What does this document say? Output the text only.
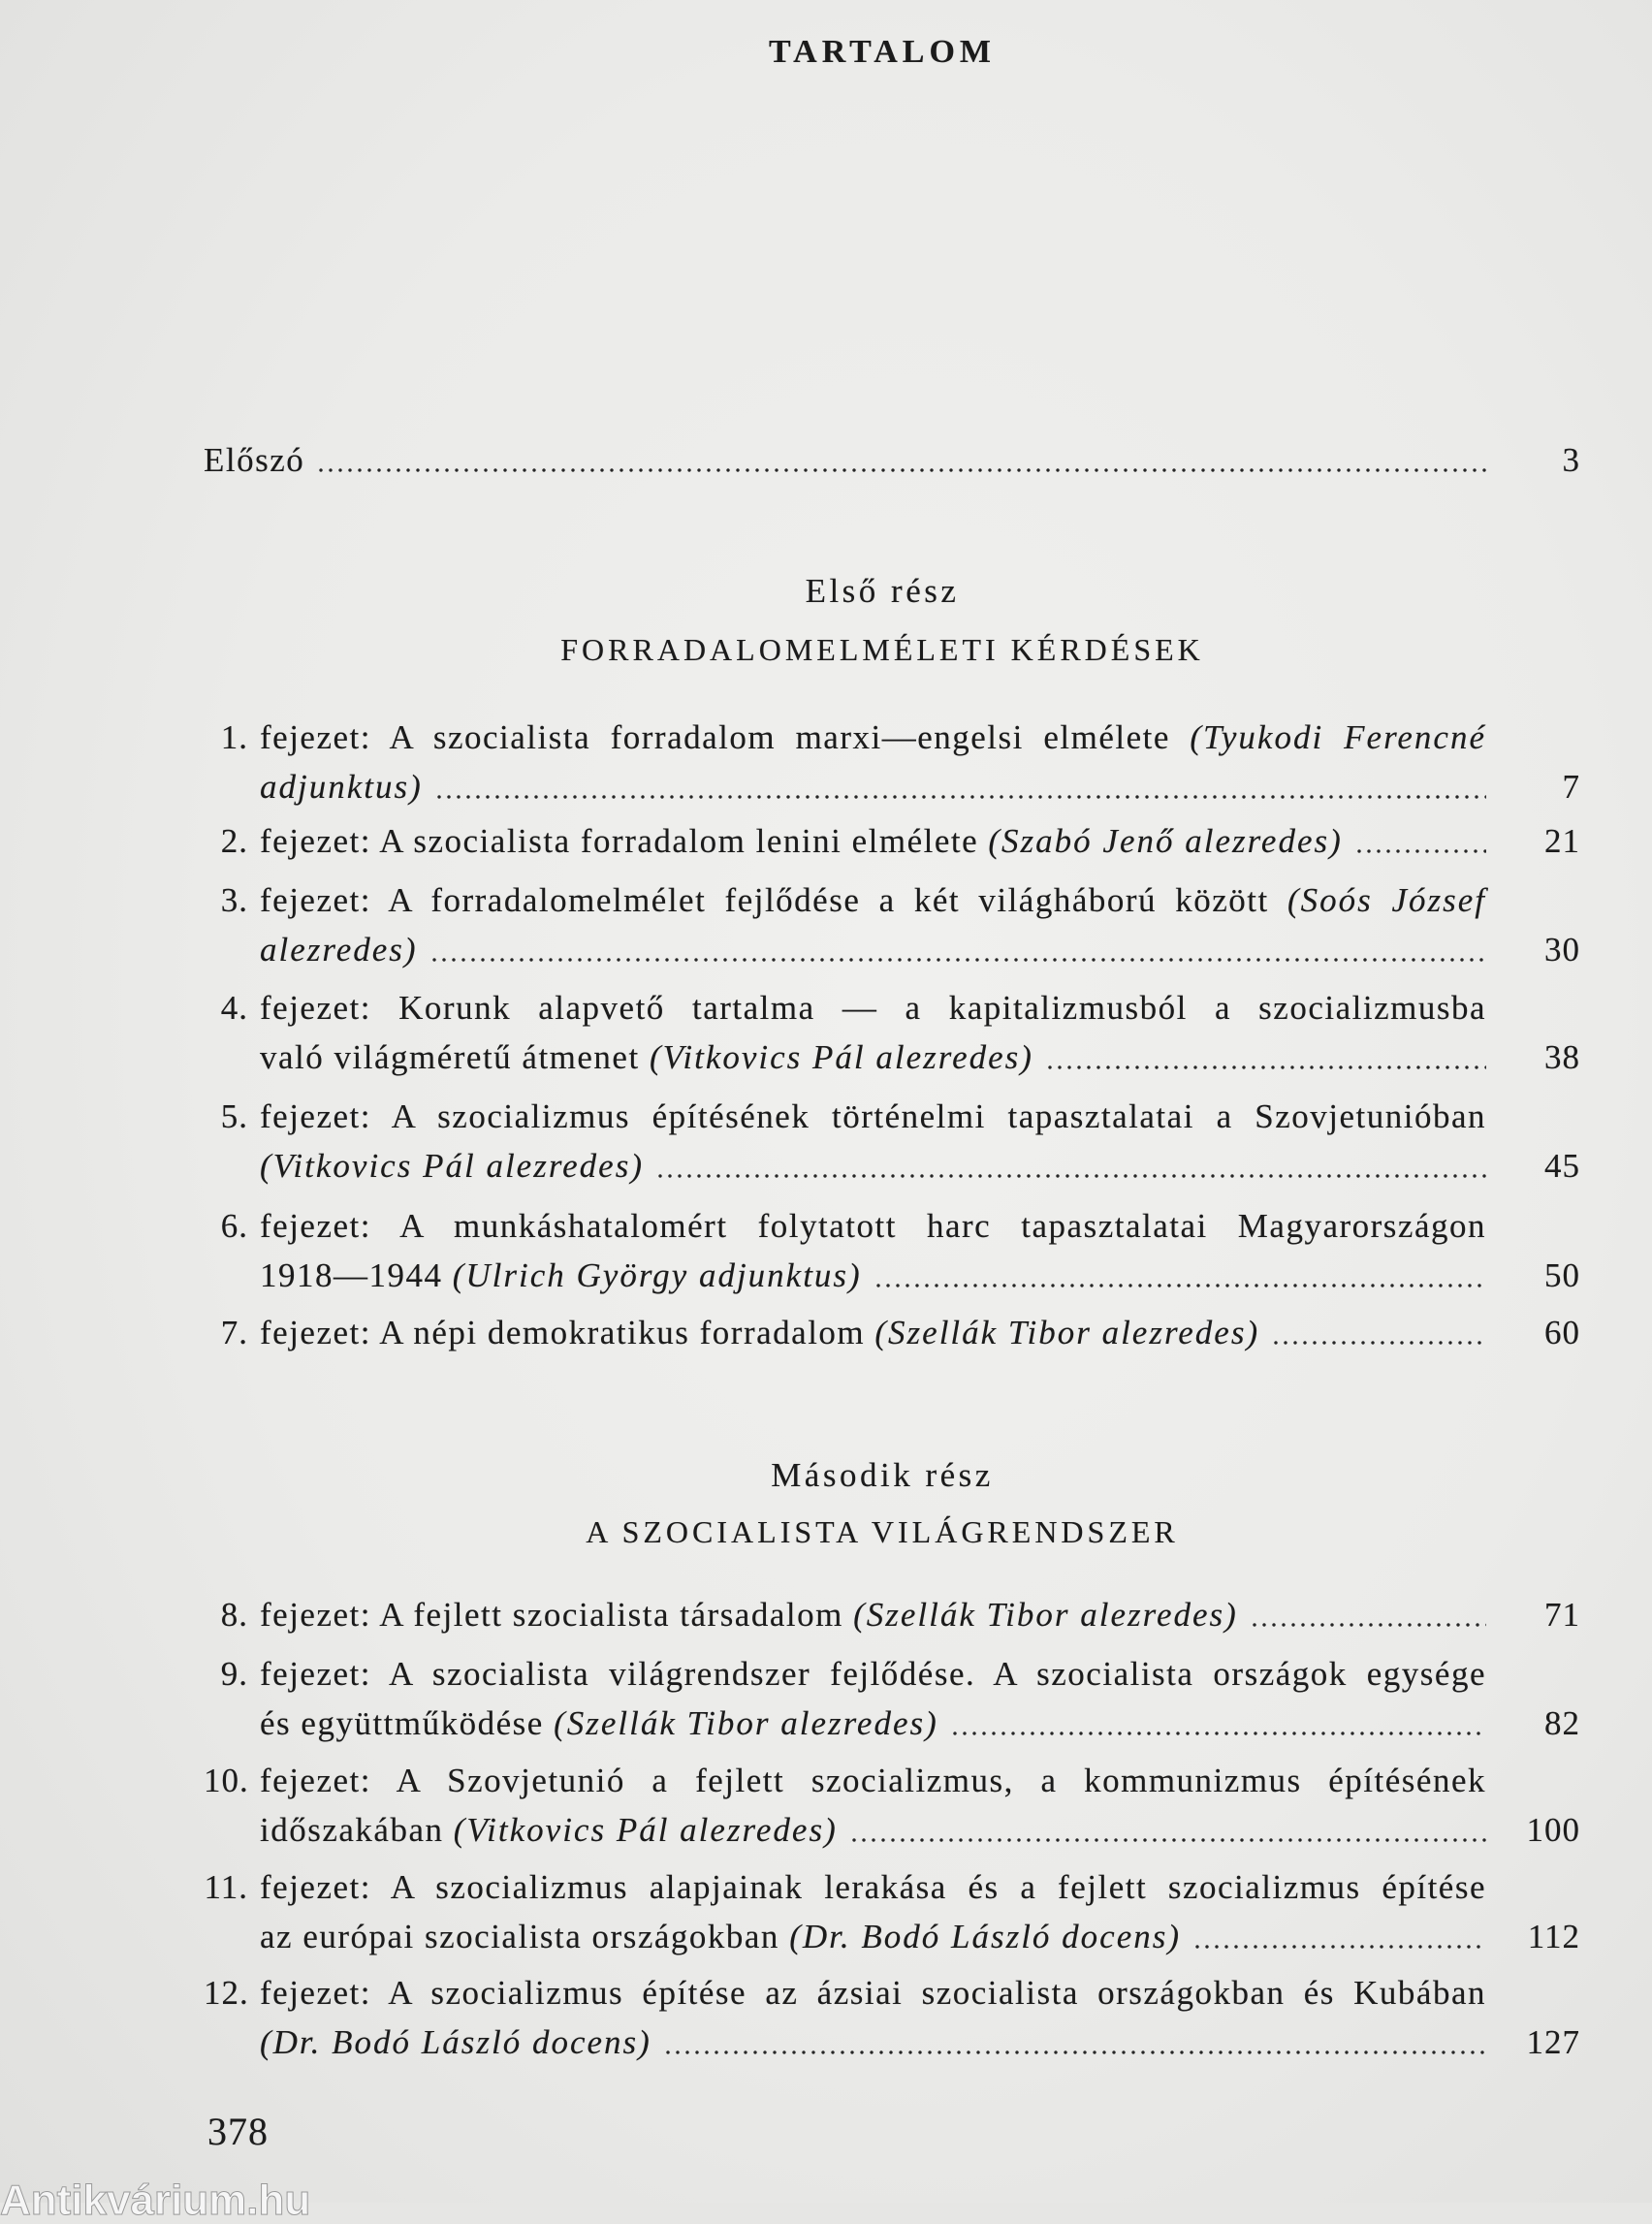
TARTALOM
Előszó	3
Első rész
FORRADALOMELMÉLETI KÉRDÉSEK
1. fejezet: A szocialista forradalom marxi—engelsi elmélete (Tyukodi Ferencné
adjunktus)	7
2. fejezet: A szocialista forradalom lenini elmélete (Szabó Jenő alezredes)	21
3. fejezet: A forradalomelmélet fejlődése a két világháború között (Soós József
alezredes)	30
4. fejezet: Korunk alapvető tartalma — a kapitalizmusból a szocializmusba
való világméretű átmenet (Vitkovics Pál alezredes)	38
5. fejezet: A szocializmus építésének történelmi tapasztalatai a Szovjetunióban
(Vitkovics Pál alezredes)	45
6. fejezet: A munkáshatalomért folytatott harc tapasztalatai Magyarországon
1918—1944 (Ulrich György adjunktus)	50
7. fejezet: A népi demokratikus forradalom (Szellák Tibor alezredes)	60
Második rész
A SZOCIALISTA VILÁGRENDSZER
8. fejezet: A fejlett szocialista társadalom (Szellák Tibor alezredes)	71
9. fejezet: A szocialista világrendszer fejlődése. A szocialista országok egysége
és együttműködése (Szellák Tibor alezredes)	82
10. fejezet: A Szovjetunió a fejlett szocializmus, a kommunizmus építésének
időszakában (Vitkovics Pál alezredes)	100
11. fejezet: A szocializmus alapjainak lerakása és a fejlett szocializmus építése
az európai szocialista országokban (Dr. Bodó László docens)	112
12. fejezet: A szocializmus építése az ázsiai szocialista országokban és Kubában
(Dr. Bodó László docens)	127
378
Antikvárium.hu
